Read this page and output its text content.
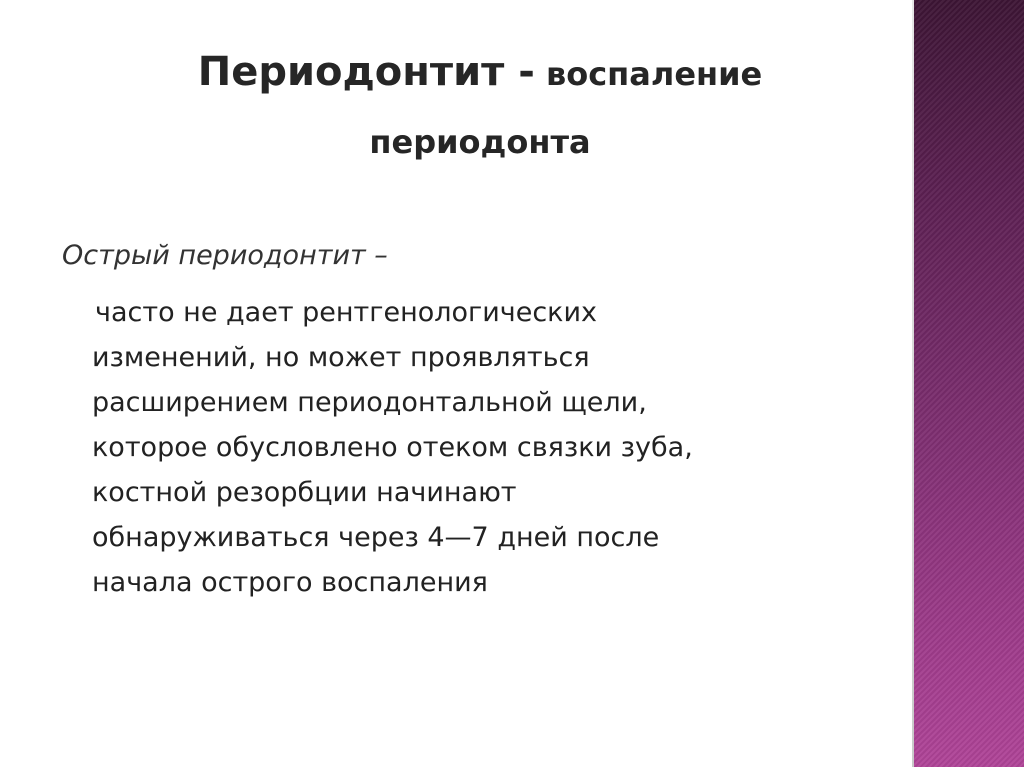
Периодонтит - воспаление
периодонта

Острый периодонтит –

часто не дает рентгенологических
изменений, но может проявляться
расширением периодонтальной щели,
которое обусловлено отеком связки зуба,
костной резорбции начинают
обнаруживаться через 4—7 дней после
начала острого воспаления
